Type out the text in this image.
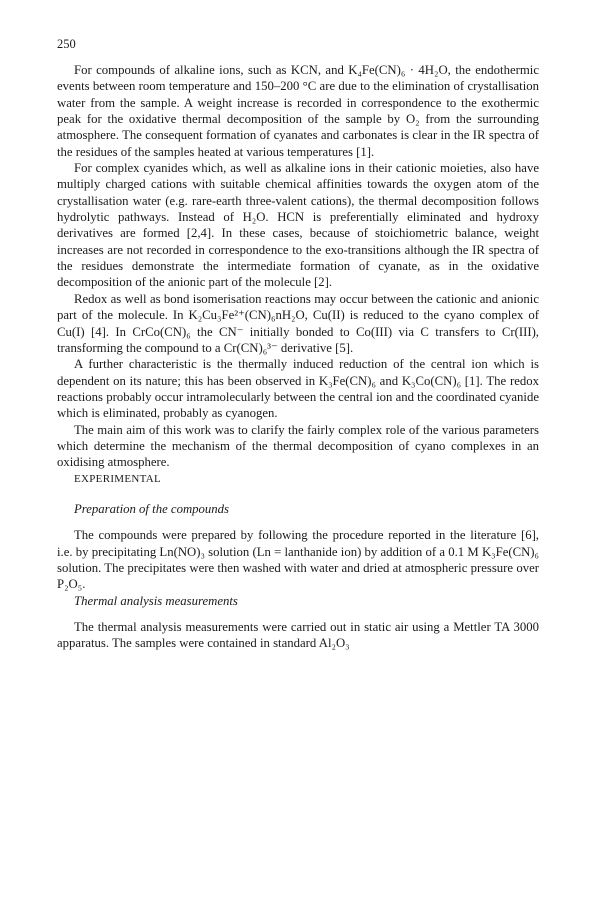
250

For compounds of alkaline ions, such as KCN, and K₄Fe(CN)₆ · 4H₂O, the endothermic events between room temperature and 150–200 °C are due to the elimination of crystallisation water from the sample. A weight increase is recorded in correspondence to the exothermic peak for the oxidative thermal decomposition of the sample by O₂ from the surrounding atmosphere. The consequent formation of cyanates and carbonates is clear in the IR spectra of the residues of the samples heated at various temperatures [1].

For complex cyanides which, as well as alkaline ions in their cationic moieties, also have multiply charged cations with suitable chemical affinities towards the oxygen atom of the crystallisation water (e.g. rare-earth three-valent cations), the thermal decomposition follows hydrolytic pathways. Instead of H₂O. HCN is preferentially eliminated and hydroxy derivatives are formed [2,4]. In these cases, because of stoichiometric balance, weight increases are not recorded in correspondence to the exo-transitions although the IR spectra of the residues demonstrate the intermediate formation of cyanate, as in the oxidative decomposition of the anionic part of the molecule [2].

Redox as well as bond isomerisation reactions may occur between the cationic and anionic part of the molecule. In K₂Cu₃Fe²⁺(CN)₆nH₂O, Cu(II) is reduced to the cyano complex of Cu(I) [4]. In CrCo(CN)₆ the CN⁻ initially bonded to Co(III) via C transfers to Cr(III), transforming the compound to a Cr(CN)₆³⁻ derivative [5].

A further characteristic is the thermally induced reduction of the central ion which is dependent on its nature; this has been observed in K₃Fe(CN)₆ and K₃Co(CN)₆ [1]. The redox reactions probably occur intramolecularly between the central ion and the coordinated cyanide which is eliminated, probably as cyanogen.

The main aim of this work was to clarify the fairly complex role of the various parameters which determine the mechanism of the thermal decomposition of cyano complexes in an oxidising atmosphere.

EXPERIMENTAL

Preparation of the compounds

The compounds were prepared by following the procedure reported in the literature [6], i.e. by precipitating Ln(NO)₃ solution (Ln = lanthanide ion) by addition of a 0.1 M K₃Fe(CN)₆ solution. The precipitates were then washed with water and dried at atmospheric pressure over P₂O₅.

Thermal analysis measurements

The thermal analysis measurements were carried out in static air using a Mettler TA 3000 apparatus. The samples were contained in standard Al₂O₃
